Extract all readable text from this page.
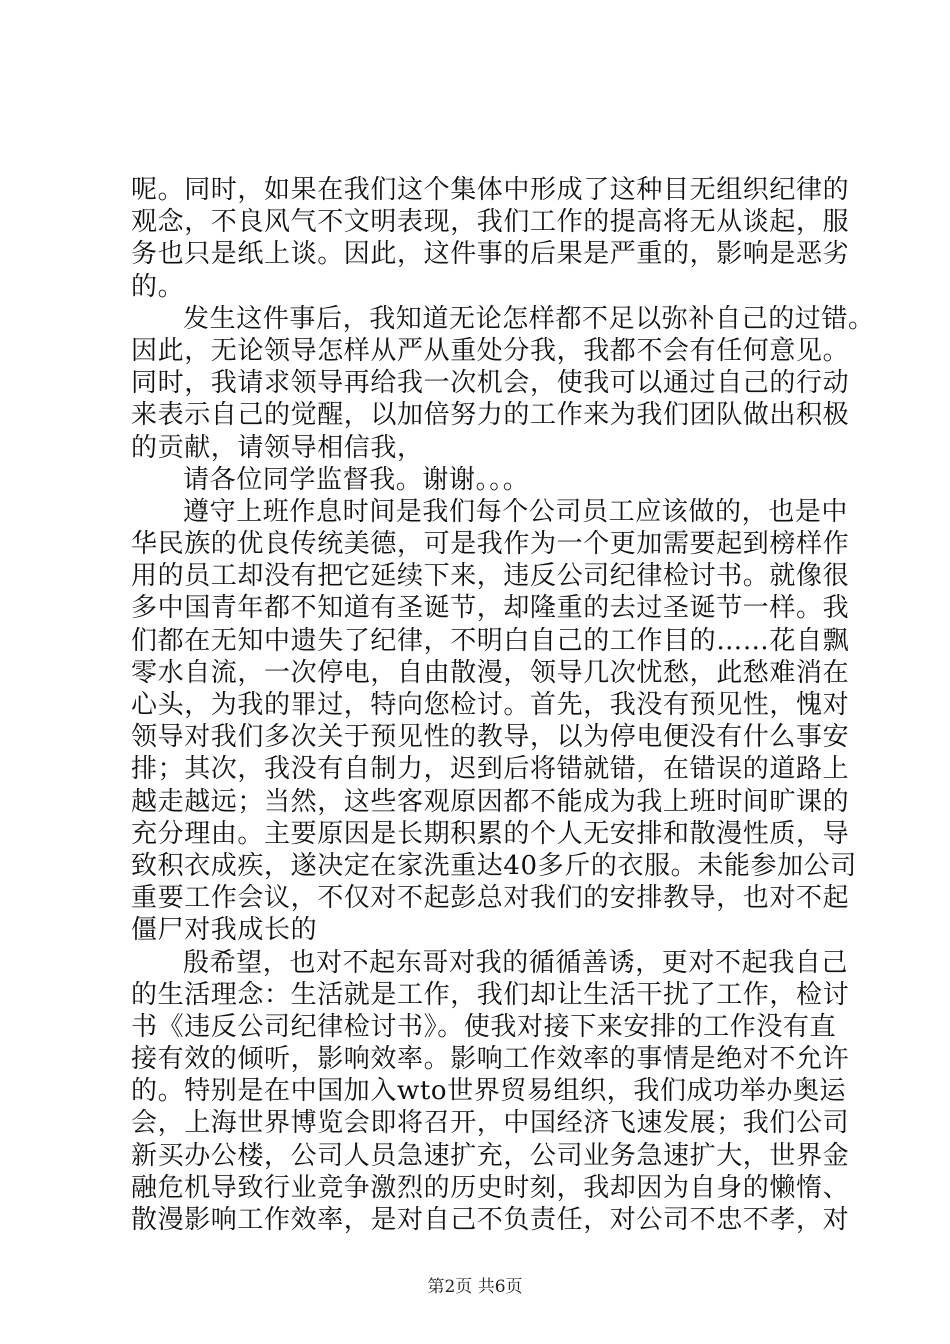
呢。同时，如果在我们这个集体中形成了这种目无组织纪律的
观念，不良风气不文明表现，我们工作的提高将无从谈起，服
务也只是纸上谈。因此，这件事的后果是严重的，影响是恶劣
的。
发生这件事后，我知道无论怎样都不足以弥补自己的过错。
因此，无论领导怎样从严从重处分我，我都不会有任何意见。
同时，我请求领导再给我一次机会，使我可以通过自己的行动
来表示自己的觉醒，以加倍努力的工作来为我们团队做出积极
的贡献，请领导相信我，
请各位同学监督我。谢谢。。。
遵守上班作息时间是我们每个公司员工应该做的，也是中
华民族的优良传统美德，可是我作为一个更加需要起到榜样作
用的员工却没有把它延续下来，违反公司纪律检讨书。就像很
多中国青年都不知道有圣诞节，却隆重的去过圣诞节一样。我
们都在无知中遗失了纪律，不明白自己的工作目的……花自飘
零水自流，一次停电，自由散漫，领导几次忧愁，此愁难消在
心头，为我的罪过，特向您检讨。首先，我没有预见性，愧对
领导对我们多次关于预见性的教导，以为停电便没有什么事安
排；其次，我没有自制力，迟到后将错就错，在错误的道路上
越走越远；当然，这些客观原因都不能成为我上班时间旷课的
充分理由。主要原因是长期积累的个人无安排和散漫性质，导
致积衣成疾，遂决定在家洗重达40多斤的衣服。未能参加公司
重要工作会议，不仅对不起彭总对我们的安排教导，也对不起
僵尸对我成长的
殷希望，也对不起东哥对我的循循善诱，更对不起我自己
的生活理念：生活就是工作，我们却让生活干扰了工作，检讨
书《违反公司纪律检讨书》。使我对接下来安排的工作没有直
接有效的倾听，影响效率。影响工作效率的事情是绝对不允许
的。特别是在中国加入wto世界贸易组织，我们成功举办奥运
会，上海世界博览会即将召开，中国经济飞速发展；我们公司
新买办公楼，公司人员急速扩充，公司业务急速扩大，世界金
融危机导致行业竞争激烈的历史时刻，我却因为自身的懒惰、
散漫影响工作效率，是对自己不负责任，对公司不忠不孝，对
第2页 共6页
